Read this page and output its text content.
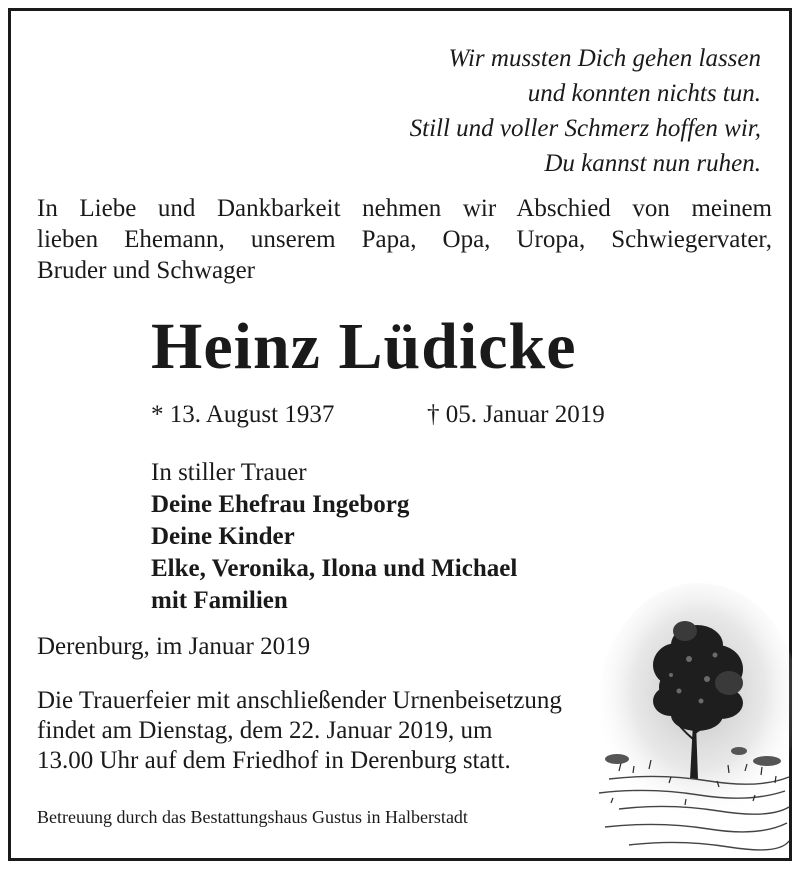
Wir mussten Dich gehen lassen
und konnten nichts tun.
Still und voller Schmerz hoffen wir,
Du kannst nun ruhen.
In Liebe und Dankbarkeit nehmen wir Abschied von meinem
lieben Ehemann, unserem Papa, Opa, Uropa, Schwiegervater,
Bruder und Schwager
Heinz Lüdicke
* 13. August 1937	† 05. Januar 2019
In stiller Trauer
Deine Ehefrau Ingeborg
Deine Kinder
Elke, Veronika, Ilona und Michael
mit Familien
Derenburg, im Januar 2019
Die Trauerfeier mit anschließender Urnenbeisetzung
findet am Dienstag, dem 22. Januar 2019, um
13.00 Uhr auf dem Friedhof in Derenburg statt.
Betreuung durch das Bestattungshaus Gustus in Halberstadt
